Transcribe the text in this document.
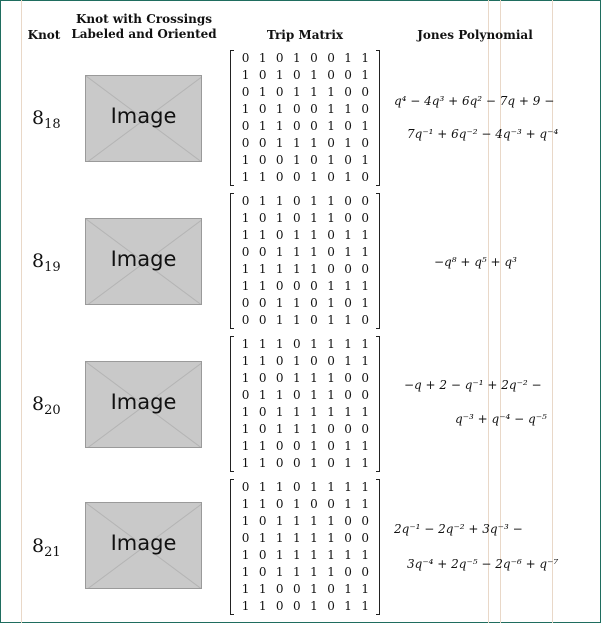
Knot
Knot with Crossings
Labeled and Oriented	Trip Matrix	Jones Polynomial
$8_{18}$	Image
0 1 0 1 0 0 1 1
1 0 1 0 1 0 0 1
0 1 0 1 1 1 0 0
1 0 1 0 0 1 1 0
0 1 1 0 0 1 0 1
0 0 1 1 1 0 1 0
1 0 0 1 0 1 0 1
1 1 0 0 1 0 1 0
q⁴ − 4q³ + 6q² − 7q + 9 −
7q⁻¹ + 6q⁻² − 4q⁻³ + q⁻⁴
$8_{19}$	Image
0 1 1 0 1 1 0 0
1 0 1 0 1 1 0 0
1 1 0 1 1 0 1 1
0 0 1 1 1 0 1 1
1 1 1 1 1 0 0 0
1 1 0 0 0 1 1 1
0 0 1 1 0 1 0 1
0 0 1 1 0 1 1 0
−q⁸ + q⁵ + q³
$8_{20}$	Image
1 1 1 0 1 1 1 1
1 1 0 1 0 0 1 1
1 0 0 1 1 1 0 0
0 1 1 0 1 1 0 0
1 0 1 1 1 1 1 1
1 0 1 1 1 0 0 0
1 1 0 0 1 0 1 1
1 1 0 0 1 0 1 1
−q + 2 − q⁻¹ + 2q⁻² −
q⁻³ + q⁻⁴ − q⁻⁵
$8_{21}$	Image
0 1 1 0 1 1 1 1
1 1 0 1 0 0 1 1
1 0 1 1 1 1 0 0
0 1 1 1 1 1 0 0
1 0 1 1 1 1 1 1
1 0 1 1 1 1 0 0
1 1 0 0 1 0 1 1
1 1 0 0 1 0 1 1
2q⁻¹ − 2q⁻² + 3q⁻³ −
3q⁻⁴ + 2q⁻⁵ − 2q⁻⁶ + q⁻⁷
